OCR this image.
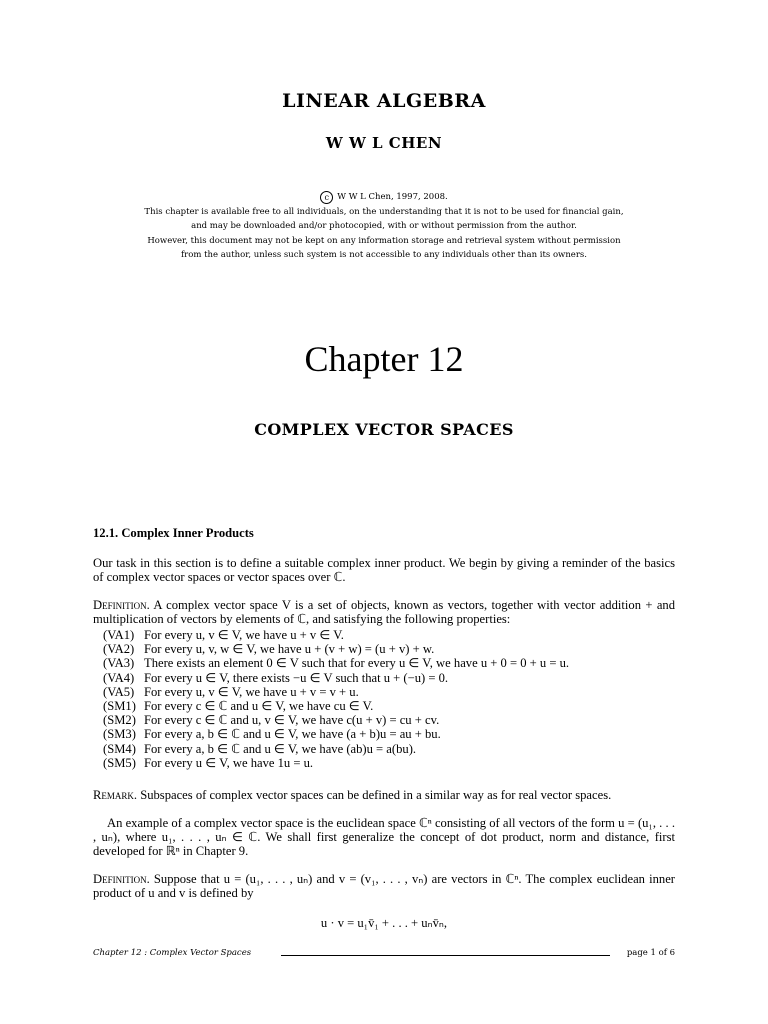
LINEAR ALGEBRA
W W L CHEN
c W W L Chen, 1997, 2008.
This chapter is available free to all individuals, on the understanding that it is not to be used for financial gain,
and may be downloaded and/or photocopied, with or without permission from the author.
However, this document may not be kept on any information storage and retrieval system without permission
from the author, unless such system is not accessible to any individuals other than its owners.
Chapter 12
COMPLEX VECTOR SPACES
12.1. Complex Inner Products
Our task in this section is to define a suitable complex inner product. We begin by giving a reminder of the basics of complex vector spaces or vector spaces over ℂ.
Definition. A complex vector space V is a set of objects, known as vectors, together with vector addition + and multiplication of vectors by elements of ℂ, and satisfying the following properties:
(VA1) For every u, v ∈ V, we have u + v ∈ V.
(VA2) For every u, v, w ∈ V, we have u + (v + w) = (u + v) + w.
(VA3) There exists an element 0 ∈ V such that for every u ∈ V, we have u + 0 = 0 + u = u.
(VA4) For every u ∈ V, there exists −u ∈ V such that u + (−u) = 0.
(VA5) For every u, v ∈ V, we have u + v = v + u.
(SM1) For every c ∈ ℂ and u ∈ V, we have cu ∈ V.
(SM2) For every c ∈ ℂ and u, v ∈ V, we have c(u + v) = cu + cv.
(SM3) For every a, b ∈ ℂ and u ∈ V, we have (a + b)u = au + bu.
(SM4) For every a, b ∈ ℂ and u ∈ V, we have (ab)u = a(bu).
(SM5) For every u ∈ V, we have 1u = u.
Remark. Subspaces of complex vector spaces can be defined in a similar way as for real vector spaces.
An example of a complex vector space is the euclidean space ℂⁿ consisting of all vectors of the form u = (u₁, . . . , uₙ), where u₁, . . . , uₙ ∈ ℂ. We shall first generalize the concept of dot product, norm and distance, first developed for ℝⁿ in Chapter 9.
Definition. Suppose that u = (u₁, . . . , uₙ) and v = (v₁, . . . , vₙ) are vectors in ℂⁿ. The complex euclidean inner product of u and v is defined by
u · v = u₁v̄₁ + . . . + uₙv̄ₙ,
Chapter 12 : Complex Vector Spaces	page 1 of 6
